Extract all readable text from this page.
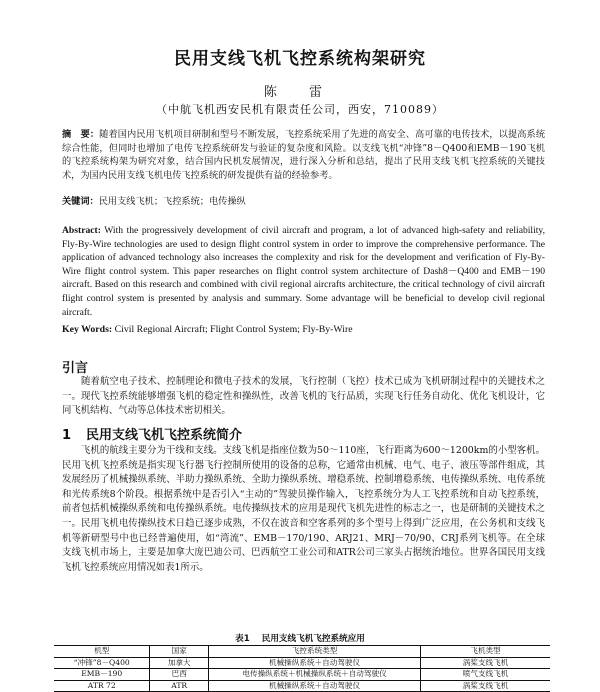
民用支线飞机飞控系统构架研究
陈 雷
（中航飞机西安民机有限责任公司，西安，710089）
摘　要：随着国内民用飞机项目研制和型号不断发展，飞控系统采用了先进的高安全、高可靠的电传技术，以提高系统综合性能，但同时也增加了电传飞控系统研发与验证的复杂度和风险。以支线飞机“冲锋”8－Q400和EMB－190飞机的飞控系统构架为研究对象，结合国内民机发展情况，进行深入分析和总结，提出了民用支线飞机飞控系统的关键技术，为国内民用支线飞机电传飞控系统的研发提供有益的经验参考。
关键词：民用支线飞机；飞控系统；电传操纵
Abstract: With the progressively development of civil aircraft and program, a lot of advanced high-safety and reliability, Fly-By-Wire technologies are used to design flight control system in order to improve the comprehensive performance. The application of advanced technology also increases the complexity and risk for the development and verification of Fly-By-Wire flight control system. This paper researches on flight control system architecture of Dash8－Q400 and EMB－190 aircraft. Based on this research and combined with civil regional aircrafts architecture, the critical technology of civil aircraft flight control system is presented by analysis and summary. Some advantage will be beneficial to develop civil regional aircraft.
Key Words: Civil Regional Aircraft; Flight Control System; Fly-By-Wire
引言
随着航空电子技术、控制理论和微电子技术的发展，飞行控制（飞控）技术已成为飞机研制过程中的关键技术之一。现代飞控系统能够增强飞机的稳定性和操纵性，改善飞机的飞行品质，实现飞行任务自动化、优化飞机设计，它同飞机结构、气动等总体技术密切相关。
1 民用支线飞机飞控系统简介
飞机的航线主要分为干线和支线。支线飞机是指座位数为50～110座，飞行距离为600～1200km的小型客机。民用飞机飞控系统是指实现飞行器飞行控制所使用的设备的总称，它通常由机械、电气、电子、液压等部件组成，其发展经历了机械操纵系统、半助力操纵系统、全助力操纵系统、增稳系统、控制增稳系统、电传操纵系统、电传系统和光传系统8个阶段。根据系统中是否引入“主动的”驾驶员操作输入，飞控系统分为人工飞控系统和自动飞控系统，前者包括机械操纵系统和电传操纵系统。电传操纵技术的应用是现代飞机先进性的标志之一，也是研制的关键技术之一。民用飞机电传操纵技术日趋已逐步成熟，不仅在波音和空客系列的多个型号上得到广泛应用，在公务机和支线飞机等新研型号中也已经普遍使用，如“湾流”、EMB－170/190、ARJ21、MRJ－70/90、CRJ系列飞机等。在全球支线飞机市场上，主要是加拿大庞巴迪公司、巴西航空工业公司和ATR公司三家头占据统治地位。世界各国民用支线飞机飞控系统应用情况如表1所示。
表1 民用支线飞机飞控系统应用
机型	国家	飞控系统类型	飞机类型
“冲锋”8－Q400	加拿大	机械操纵系统＋自动驾驶仪	涡桨支线飞机
EMB－190	巴西	电传操纵系统＋机械操纵系统＋自动驾驶仪	喷气支线飞机
ATR 72	ATR	机械操纵系统＋自动驾驶仪	涡桨支线飞机
